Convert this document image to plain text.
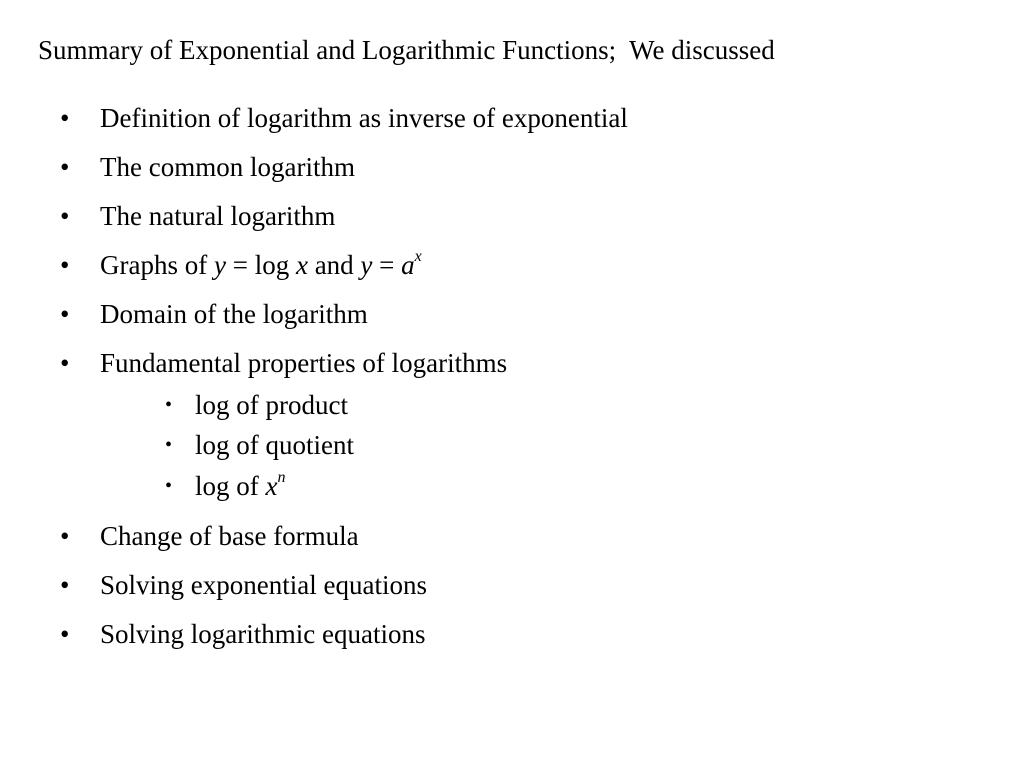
Summary of Exponential and Logarithmic Functions;  We discussed
•	Definition of logarithm as inverse of exponential
•	The common logarithm
•	The natural logarithm
•	Graphs of y = log x and $y = a^x$
•	Domain of the logarithm
•	Fundamental properties of logarithms
• log of product
• log of quotient
• log of $x^n$
•	Change of base formula
•	Solving exponential equations
•	Solving logarithmic equations
